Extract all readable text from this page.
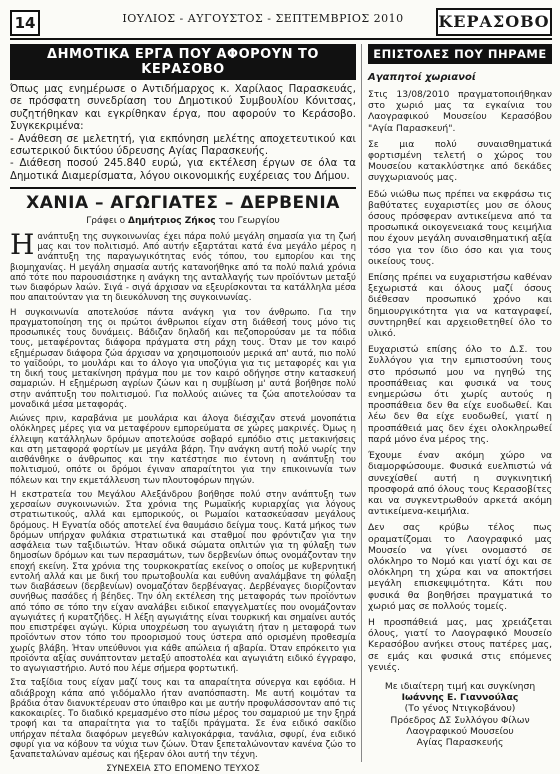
14	ΙΟΥΛΙΟΣ - ΑΥΓΟΥΣΤΟΣ - ΣΕΠΤΕΜΒΡΙΟΣ 2010 ΚΕΡΑΣΟΒΟ
ΔΗΜΟΤΙΚΑ ΕΡΓΑ ΠΟΥ ΑΦΟΡΟΥΝ ΤΟ ΚΕΡΑΣΟΒΟ
Όπως μας ενημέρωσε ο Αντιδήμαρχος κ. Χαρίλαος Παρασκευάς, σε πρόσφατη συνεδρίαση του Δημοτικού Συμβουλίου Κόνιτσας, συζητήθηκαν και εγκρίθηκαν έργα, που αφορούν το Κεράσοβο. Συγκεκριμένα:
- Ανάθεση σε μελετητή, για εκπόνηση μελέτης αποχετευτικού και εσωτερικού δικτύου ύδρευσης Αγίας Παρασκευής.
- Διάθεση ποσού 245.840 ευρώ, για εκτέλεση έργων σε όλα τα Δημοτικά Διαμερίσματα, λόγου οικονομικής ευχέρειας του Δήμου.
ΧΑΝΙΑ – ΑΓΩΓΙΑΤΕΣ – ΔΕΡΒΕΝΙΑ
Γράφει ο Δημήτριος Ζήκος του Γεωργίου
Ηανάπτυξη της συγκοινωνίας έχει πάρα πολύ μεγάλη σημασία για τη ζωή μας και τον πολιτισμό. Από αυτήν εξαρτάται κατά ένα μεγάλο μέρος η ανάπτυξη της παραγωγικότητας ενός τόπου, του εμπορίου και της βιομηχανίας. Η μεγάλη σημασία αυτής κατανοήθηκε από τα πολύ παλιά χρόνια από τότε που παρουσιάστηκε η ανάγκη της ανταλλαγής των προϊόντων μεταξύ των διαφόρων λαών. Σιγά - σιγά άρχισαν να εξευρίσκονται τα κατάλληλα μέσα που απαιτούνταν για τη διευκόλυνση της συγκοινωνίας.
Η συγκοινωνία αποτελούσε πάντα ανάγκη για τον άνθρωπο. Για την πραγματοποίηση της οι πρώτοι άνθρωποι είχαν στη διάθεσή τους μόνο τις προσωπικές τους δυνάμεις. Βάδιζαν δηλαδή και πεζοπορούσαν με τα πόδια τους, μεταφέροντας διάφορα πράγματα στη ράχη τους. Όταν με τον καιρό εξημέρωσαν διάφορα ζώα άρχισαν να χρησιμοποιούν μερικά απ' αυτά, πιο πολύ το γαϊδούρι, το μουλάρι και το άλογο για υποζύγια για τις μεταφορές και για τη δική τους μετακίνηση πράγμα που με τον καιρό οδήγησε στην κατασκευή σαμαριών. Η εξημέρωση αγρίων ζώων και η συμβίωση μ' αυτά βοήθησε πολύ στην ανάπτυξη του πολιτισμού. Για πολλούς αιώνες τα ζώα αποτελούσαν τα μοναδικά μέσα μεταφοράς.
Αιώνες πριν, καραβάνια με μουλάρια και άλογα διέσχιζαν στενά μονοπάτια ολόκληρες μέρες για να μεταφέρουν εμπορεύματα σε χώρες μακρινές. Όμως η έλλειψη κατάλληλων δρόμων αποτελούσε σοβαρό εμπόδιο στις μετακινήσεις και στη μεταφορά φορτίων με μεγάλα βάρη. Την ανάγκη αυτή πολύ νωρίς την αισθάνθηκε ο άνθρωπος και την κατέστησε πιο έντονη η ανάπτυξη του πολιτισμού, οπότε οι δρόμοι έγιναν απαραίτητοι για την επικοινωνία των πόλεων και την εκμετάλλευση των πλουτοφόρων πηγών.
Η εκστρατεία του Μεγάλου Αλεξάνδρου βοήθησε πολύ στην ανάπτυξη των χερσαίων συγκοινωνιών. Στα χρόνια της Ρωμαϊκής κυριαρχίας για λόγους στρατιωτικούς, αλλά και εμπορικούς, οι Ρωμαίοι κατασκεύασαν μεγάλους δρόμους. Η Εγνατία οδός αποτελεί ένα θαυμάσιο δείγμα τους. Κατά μήκος των δρόμων υπήρχαν φυλάκια στρατιωτικά και σταθμοί που φρόντιζαν για την ασφάλεια των ταξιδιωτών. Ήταν οδικά σώματα οπλιτών για τη φύλαξη των δημοσίων δρόμων και των περασμάτων, των δερβενίων όπως ονομάζονταν την εποχή εκείνη. Στα χρόνια της τουρκοκρατίας εκείνος ο οποίος με κυβερνητική εντολή αλλά και με δική του πρωτοβουλία και ευθύνη αναλάμβανε τη φύλαξη των διαβάσεων (δερβενίων) ονομαζόταν δερβέναγας. Δερβέναγες διορίζονταν συνήθως πασάδες ή βέηδες. Την όλη εκτέλεση της μεταφοράς των προϊόντων από τόπο σε τόπο την είχαν αναλάβει ειδικοί επαγγελματίες που ονομάζονταν αγωγιάτες ή κυρατζήδες. Η λέξη αγωγιάτης είναι τουρκική και σημαίνει αυτός που επιστρέφει αγώγι. Κύρια υποχρέωση του αγωγιάτη ήταν η μεταφορά των προϊόντων στον τόπο του προορισμού τους ύστερα από ορισμένη προθεσμία χωρίς βλάβη. Ήταν υπεύθυνοι για κάθε απώλεια ή αβαρία. Όταν επρόκειτο για προϊόντα αξίας συνάπτονταν μεταξύ αποστολέα και αγωγιάτη ειδικό έγγραφο, το αγωγιαστήριο. Αυτό που λέμε σήμερα φορτωτική.
Στα ταξίδια τους είχαν μαζί τους και τα απαραίτητα σύνεργα και εφόδια. Η αδιάβροχη κάπα από γιδόμαλλο ήταν αναπόσπαστη. Με αυτή κοιμόταν τα βράδια όταν διανυκτέρευαν στο ύπαιθρο και με αυτήν προφυλάσσονταν από τις κακοκαιρίες. Το διαδικό κρεμασμένο στο πίσω μέρος του σαμαριού με την ξηρά τροφή και τα απαραίτητα για το ταξίδι πράγματα. Σε ένα ειδικό σακίδιο υπήρχαν πέταλα διαφόρων μεγεθών καλιγοκάρφια, τανάλια, σφυρί, ένα ειδικό σφυρί για να κόβουν τα νύχια των ζώων. Όταν ξεπεταλώνονταν κανένα ζώο το ξαναπεταλώναν αμέσως και ήξεραν όλοι αυτή την τέχνη.
ΣΥΝΕΧΕΙΑ ΣΤΟ ΕΠΟΜΕΝΟ ΤΕΥΧΟΣ
ΕΠΙΣΤΟΛΕΣ ΠΟΥ ΠΗΡΑΜΕ
Αγαπητοί χωριανοί
Στις 13/08/2010 πραγματοποιήθηκαν στο χωριό μας τα εγκαίνια του Λαογραφικού Μουσείου Κερασόβου "Αγία Παρασκευή".
Σε μια πολύ συναισθηματικά φορτισμένη τελετή ο χώρος του Μουσείου κατακλύστηκε από δεκάδες συγχωριανούς μας.
Εδώ νιώθω πως πρέπει να εκφράσω τις βαθύτατες ευχαριστίες μου σε όλους όσους πρόσφεραν αντικείμενα από τα προσωπικά οικογενειακά τους κειμήλια που έχουν μεγάλη συναισθηματική αξία τόσο για τον ίδιο όσο και για τους οικείους τους.
Επίσης πρέπει να ευχαριστήσω καθέναν ξεχωριστά και όλους μαζί όσους διέθεσαν προσωπικό χρόνο και δημιουργικότητα για να καταγραφεί, συντηρηθεί και αρχειοθετηθεί όλο το υλικό.
Ευχαριστώ επίσης όλο το Δ.Σ. του Συλλόγου για την εμπιστοσύνη τους στο πρόσωπό μου να ηγηθώ της προσπάθειας και φυσικά να τους ενημερώσω ότι χωρίς αυτούς η προσπάθεια δεν θα είχε ευοδωθεί. Και λέω δεν θα είχε ευοδωθεί, γιατί η προσπάθειά μας δεν έχει ολοκληρωθεί παρά μόνο ένα μέρος της.
Έχουμε έναν ακόμη χώρο να διαμορφώσουμε. Φυσικά ευελπιστώ νά συνεχίσθεί αυτή η συγκινητική προσφορά από όλους τους Κερασοβίτες και να συγκεντρωθούν αρκετά ακόμη αντικείμενα-κειμήλια.
Δεν σας κρύβω τέλος πως οραματίζομαι το Λαογραφικό μας Μουσείο να γίνει ονομαστό σε ολόκληρο το Νομό και γιατί όχι και σε ολόκληρη τη χώρα και να αποκτήσει μεγάλη επισκεψιμότητα. Κάτι που φυσικά θα βοηθήσει πραγματικά το χωριό μας σε πολλούς τομείς.
Η προσπάθειά μας, μας χρειάζεται όλους, γιατί το Λαογραφικό Μουσείο Κερασόβου ανήκει στους πατέρες μας, σε εμάς και φυσικά στις επόμενες γενιές.
Με ιδιαίτερη τιμή και συγκίνηση
Ιωάννης Ε. Γιαννούλας
(Το γένος Ντιγκοβάνου)
Πρόεδρος ΔΣ Συλλόγου Φίλων
Λαογραφικού Μουσείου
Αγίας Παρασκευής
